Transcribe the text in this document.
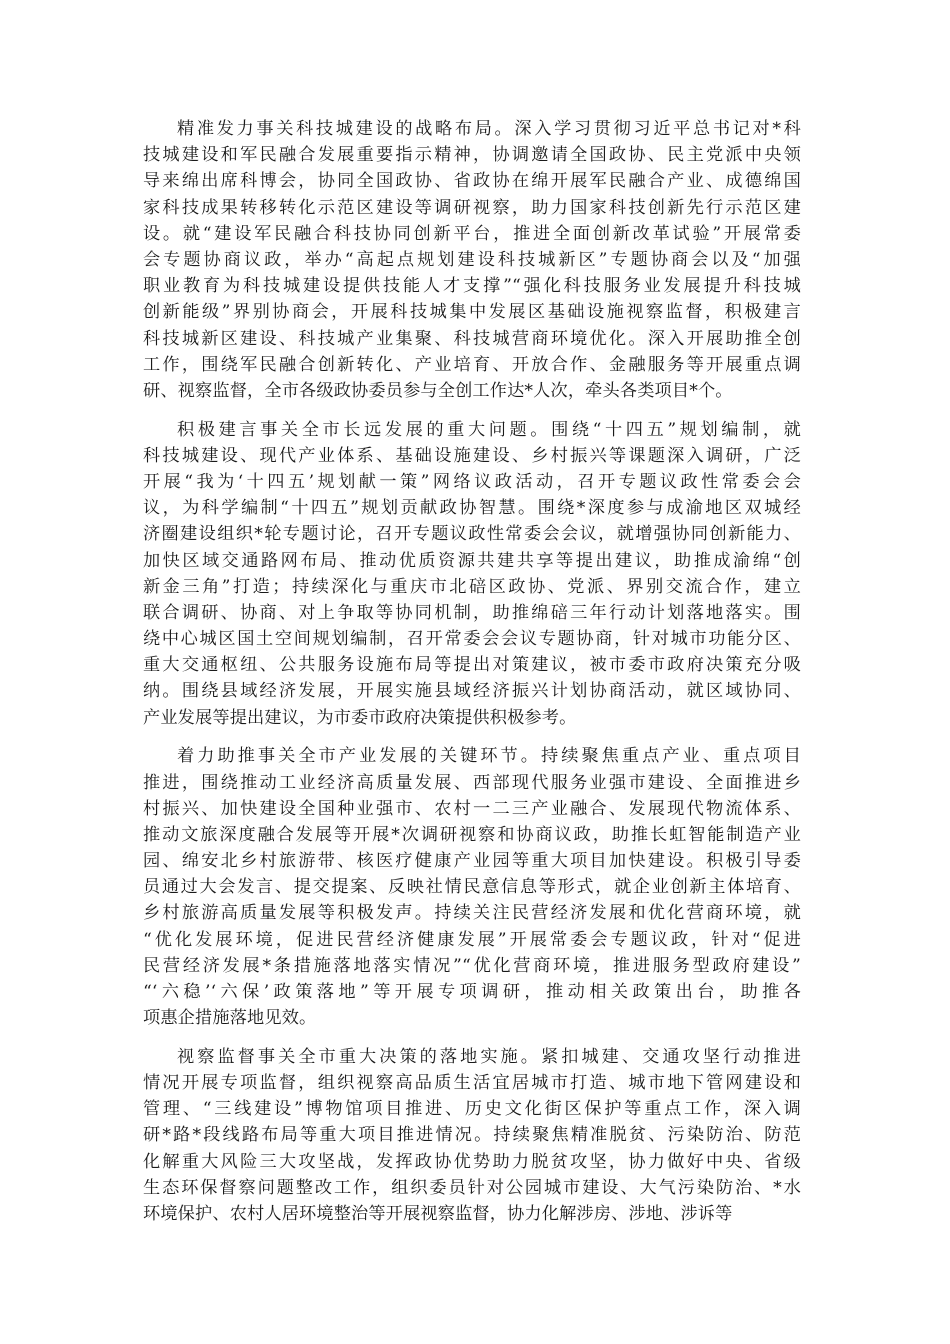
精准发力事关科技城建设的战略布局。深入学习贯彻习近平总书记对*科
技城建设和军民融合发展重要指示精神，协调邀请全国政协、民主党派中央领
导来绵出席科博会，协同全国政协、省政协在绵开展军民融合产业、成德绵国
家科技成果转移转化示范区建设等调研视察，助力国家科技创新先行示范区建
设。就“建设军民融合科技协同创新平台，推进全面创新改革试验”开展常委
会专题协商议政，举办“高起点规划建设科技城新区”专题协商会以及“加强
职业教育为科技城建设提供技能人才支撑”“强化科技服务业发展提升科技城
创新能级”界别协商会，开展科技城集中发展区基础设施视察监督，积极建言
科技城新区建设、科技城产业集聚、科技城营商环境优化。深入开展助推全创
工作，围绕军民融合创新转化、产业培育、开放合作、金融服务等开展重点调
研、视察监督，全市各级政协委员参与全创工作达*人次，牵头各类项目*个。
积极建言事关全市长远发展的重大问题。围绕“十四五”规划编制，就
科技城建设、现代产业体系、基础设施建设、乡村振兴等课题深入调研，广泛
开展“我为‘十四五’规划献一策”网络议政活动，召开专题议政性常委会会
议，为科学编制“十四五”规划贡献政协智慧。围绕*深度参与成渝地区双城经
济圈建设组织*轮专题讨论，召开专题议政性常委会会议，就增强协同创新能力、
加快区域交通路网布局、推动优质资源共建共享等提出建议，助推成渝绵“创
新金三角”打造；持续深化与重庆市北碚区政协、党派、界别交流合作，建立
联合调研、协商、对上争取等协同机制，助推绵碚三年行动计划落地落实。围
绕中心城区国土空间规划编制，召开常委会会议专题协商，针对城市功能分区、
重大交通枢纽、公共服务设施布局等提出对策建议，被市委市政府决策充分吸
纳。围绕县域经济发展，开展实施县域经济振兴计划协商活动，就区域协同、
产业发展等提出建议，为市委市政府决策提供积极参考。
着力助推事关全市产业发展的关键环节。持续聚焦重点产业、重点项目
推进，围绕推动工业经济高质量发展、西部现代服务业强市建设、全面推进乡
村振兴、加快建设全国种业强市、农村一二三产业融合、发展现代物流体系、
推动文旅深度融合发展等开展*次调研视察和协商议政，助推长虹智能制造产业
园、绵安北乡村旅游带、核医疗健康产业园等重大项目加快建设。积极引导委
员通过大会发言、提交提案、反映社情民意信息等形式，就企业创新主体培育、
乡村旅游高质量发展等积极发声。持续关注民营经济发展和优化营商环境，就
“优化发展环境，促进民营经济健康发展”开展常委会专题议政，针对“促进
民营经济发展*条措施落地落实情况”“优化营商环境，推进服务型政府建设”
“‘六稳’‘六保’政策落地”等开展专项调研，推动相关政策出台，助推各
项惠企措施落地见效。
视察监督事关全市重大决策的落地实施。紧扣城建、交通攻坚行动推进
情况开展专项监督，组织视察高品质生活宜居城市打造、城市地下管网建设和
管理、“三线建设”博物馆项目推进、历史文化街区保护等重点工作，深入调
研*路*段线路布局等重大项目推进情况。持续聚焦精准脱贫、污染防治、防范
化解重大风险三大攻坚战，发挥政协优势助力脱贫攻坚，协力做好中央、省级
生态环保督察问题整改工作，组织委员针对公园城市建设、大气污染防治、*水
环境保护、农村人居环境整治等开展视察监督，协力化解涉房、涉地、涉诉等
